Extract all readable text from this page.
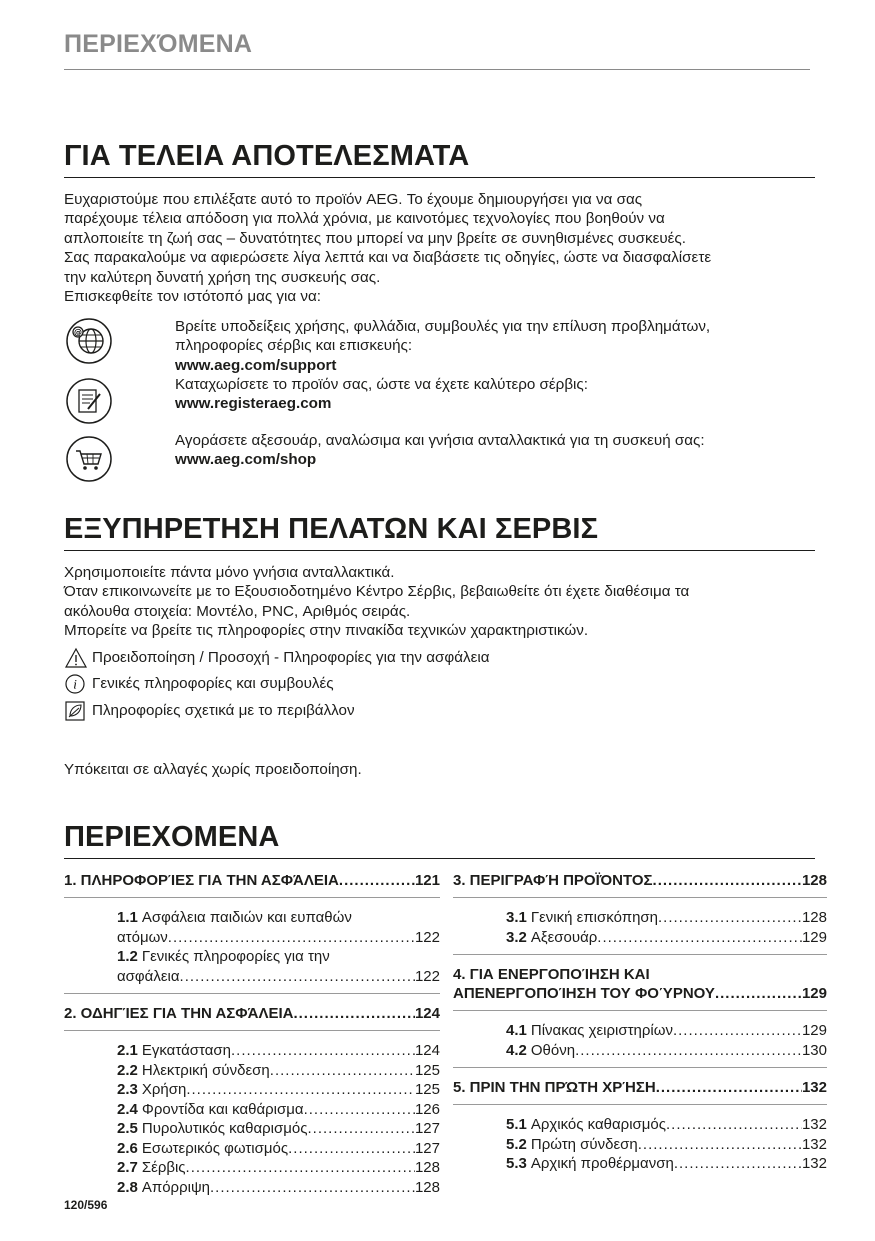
ΠΕΡΙΕΧΌΜΕΝΑ
ΓΙΑ ΤΕΛΕΙΑ ΑΠΟΤΕΛΕΣΜΑΤΑ
Ευχαριστούμε που επιλέξατε αυτό το προϊόν AEG. Το έχουμε δημιουργήσει για να σας
παρέχουμε τέλεια απόδοση για πολλά χρόνια, με καινοτόμες τεχνολογίες που βοηθούν να
απλοποιείτε τη ζωή σας – δυνατότητες που μπορεί να μην βρείτε σε συνηθισμένες συσκευές.
Σας παρακαλούμε να αφιερώσετε λίγα λεπτά και να διαβάσετε τις οδηγίες, ώστε να διασφαλίσετε
την καλύτερη δυνατή χρήση της συσκευής σας.
Επισκεφθείτε τον ιστότοπό μας για να:
@	Βρείτε υποδείξεις χρήσης, φυλλάδια, συμβουλές για την επίλυση προβλημάτων,
πληροφορίες σέρβις και επισκευής:
www.aeg.com/support
Καταχωρίσετε το προϊόν σας, ώστε να έχετε καλύτερο σέρβις:
www.registeraeg.com
Αγοράσετε αξεσουάρ, αναλώσιμα και γνήσια ανταλλακτικά για τη συσκευή σας:
www.aeg.com/shop
ΕΞΥΠΗΡΕΤΗΣΗ ΠΕΛΑΤΩΝ ΚΑΙ ΣΕΡΒΙΣ
Χρησιμοποιείτε πάντα μόνο γνήσια ανταλλακτικά.
Όταν επικοινωνείτε με το Εξουσιοδοτημένο Κέντρο Σέρβις, βεβαιωθείτε ότι έχετε διαθέσιμα τα
ακόλουθα στοιχεία: Μοντέλο, PNC, Αριθμός σειράς.
Μπορείτε να βρείτε τις πληροφορίες στην πινακίδα τεχνικών χαρακτηριστικών.
Προειδοποίηση / Προσοχή - Πληροφορίες για την ασφάλεια
i Γενικές πληροφορίες και συμβουλές
Πληροφορίες σχετικά με το περιβάλλον
Υπόκειται σε αλλαγές χωρίς προειδοποίηση.
ΠΕΡΙΕΧΟΜΕΝΑ
1. ΠΛΗΡΟΦΟΡΊΕΣ ΓΙΑ ΤΗΝ ΑΣΦΆΛΕΙΑ .....	121
1.1 Ασφάλεια παιδιών και ευπαθών
ατόμων .....	122
1.2 Γενικές πληροφορίες για την
ασφάλεια .....	122
2. ΟΔΗΓΊΕΣ ΓΙΑ ΤΗΝ ΑΣΦΆΛΕΙΑ .....	124
2.1 Εγκατάσταση .....	124
2.2 Ηλεκτρική σύνδεση .....	125
2.3 Χρήση .....	125
2.4 Φροντίδα και καθάρισμα .....	126
2.5 Πυρολυτικός καθαρισμός .....	127
2.6 Εσωτερικός φωτισμός .....	127
2.7 Σέρβις .....	128
2.8 Απόρριψη .....	128
3. ΠΕΡΙΓΡΑΦΉ ΠΡΟΪΌΝΤΟΣ .....	128
3.1 Γενική επισκόπηση .....	128
3.2 Αξεσουάρ .....	129
4. ΓΙΑ ΕΝΕΡΓΟΠΟΊΗΣΗ ΚΑΙ
ΑΠΕΝΕΡΓΟΠΟΊΗΣΗ ΤΟΥ ΦΟΎΡΝΟΥ .....	129
4.1 Πίνακας χειριστηρίων .....	129
4.2 Οθόνη .....	130
5. ΠΡΙΝ ΤΗΝ ΠΡΏΤΗ ΧΡΉΣΗ .....	132
5.1 Αρχικός καθαρισμός .....	132
5.2 Πρώτη σύνδεση .....	132
5.3 Αρχική προθέρμανση .....	132
120/596
